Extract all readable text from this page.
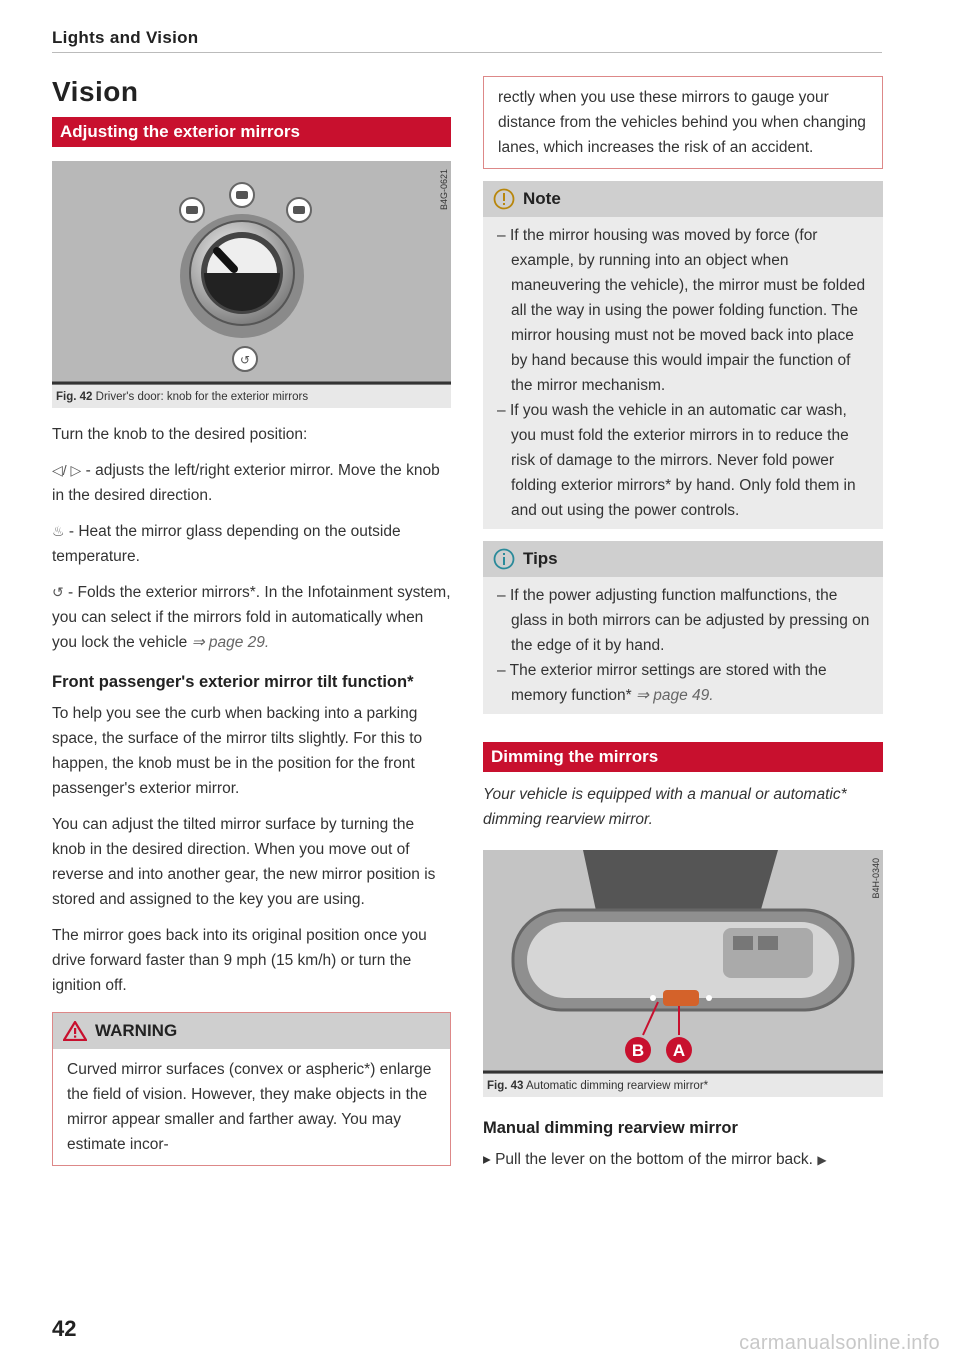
Lights and Vision
Vision
Adjusting the exterior mirrors
↺
B4G-0621
Fig. 42 Driver's door: knob for the exterior mirrors

Turn the knob to the desired position:

◁/ ▷ - adjusts the left/right exterior mirror. Move the knob in the desired direction.

♨ - Heat the mirror glass depending on the outside temperature.

↺ - Folds the exterior mirrors*. In the Infotainment system, you can select if the mirrors fold in automatically when you lock the vehicle ⇒ page 29.

Front passenger's exterior mirror tilt function*

To help you see the curb when backing into a parking space, the surface of the mirror tilts slightly. For this to happen, the knob must be in the position for the front passenger's exterior mirror.

You can adjust the tilted mirror surface by turning the knob in the desired direction. When you move out of reverse and into another gear, the new mirror position is stored and assigned to the key you are using.

The mirror goes back into its original position once you drive forward faster than 9 mph (15 km/h) or turn the ignition off.

WARNING
Curved mirror surfaces (convex or aspheric*) enlarge the field of vision. However, they make objects in the mirror appear smaller and farther away. You may estimate incor-
42
rectly when you use these mirrors to gauge your distance from the vehicles behind you when changing lanes, which increases the risk of an accident.
Note

– If the mirror housing was moved by force (for example, by running into an object when maneuvering the vehicle), the mirror must be folded all the way in using the power folding function. The mirror housing must not be moved back into place by hand because this would impair the function of the mirror mechanism.

– If you wash the vehicle in an automatic car wash, you must fold the exterior mirrors in to reduce the risk of damage to the mirrors. Never fold power folding exterior mirrors* by hand. Only fold them in and out using the power controls.

Tips

– If the power adjusting function malfunctions, the glass in both mirrors can be adjusted by pressing on the edge of it by hand.

– The exterior mirror settings are stored with the memory function* ⇒ page 49.

Dimming the mirrors

Your vehicle is equipped with a manual or automatic* dimming rearview mirror.

B A
B4H-0340
Fig. 43 Automatic dimming rearview mirror*
Manual dimming rearview mirror

▸ Pull the lever on the bottom of the mirror back. ▶

carmanualsonline.info
